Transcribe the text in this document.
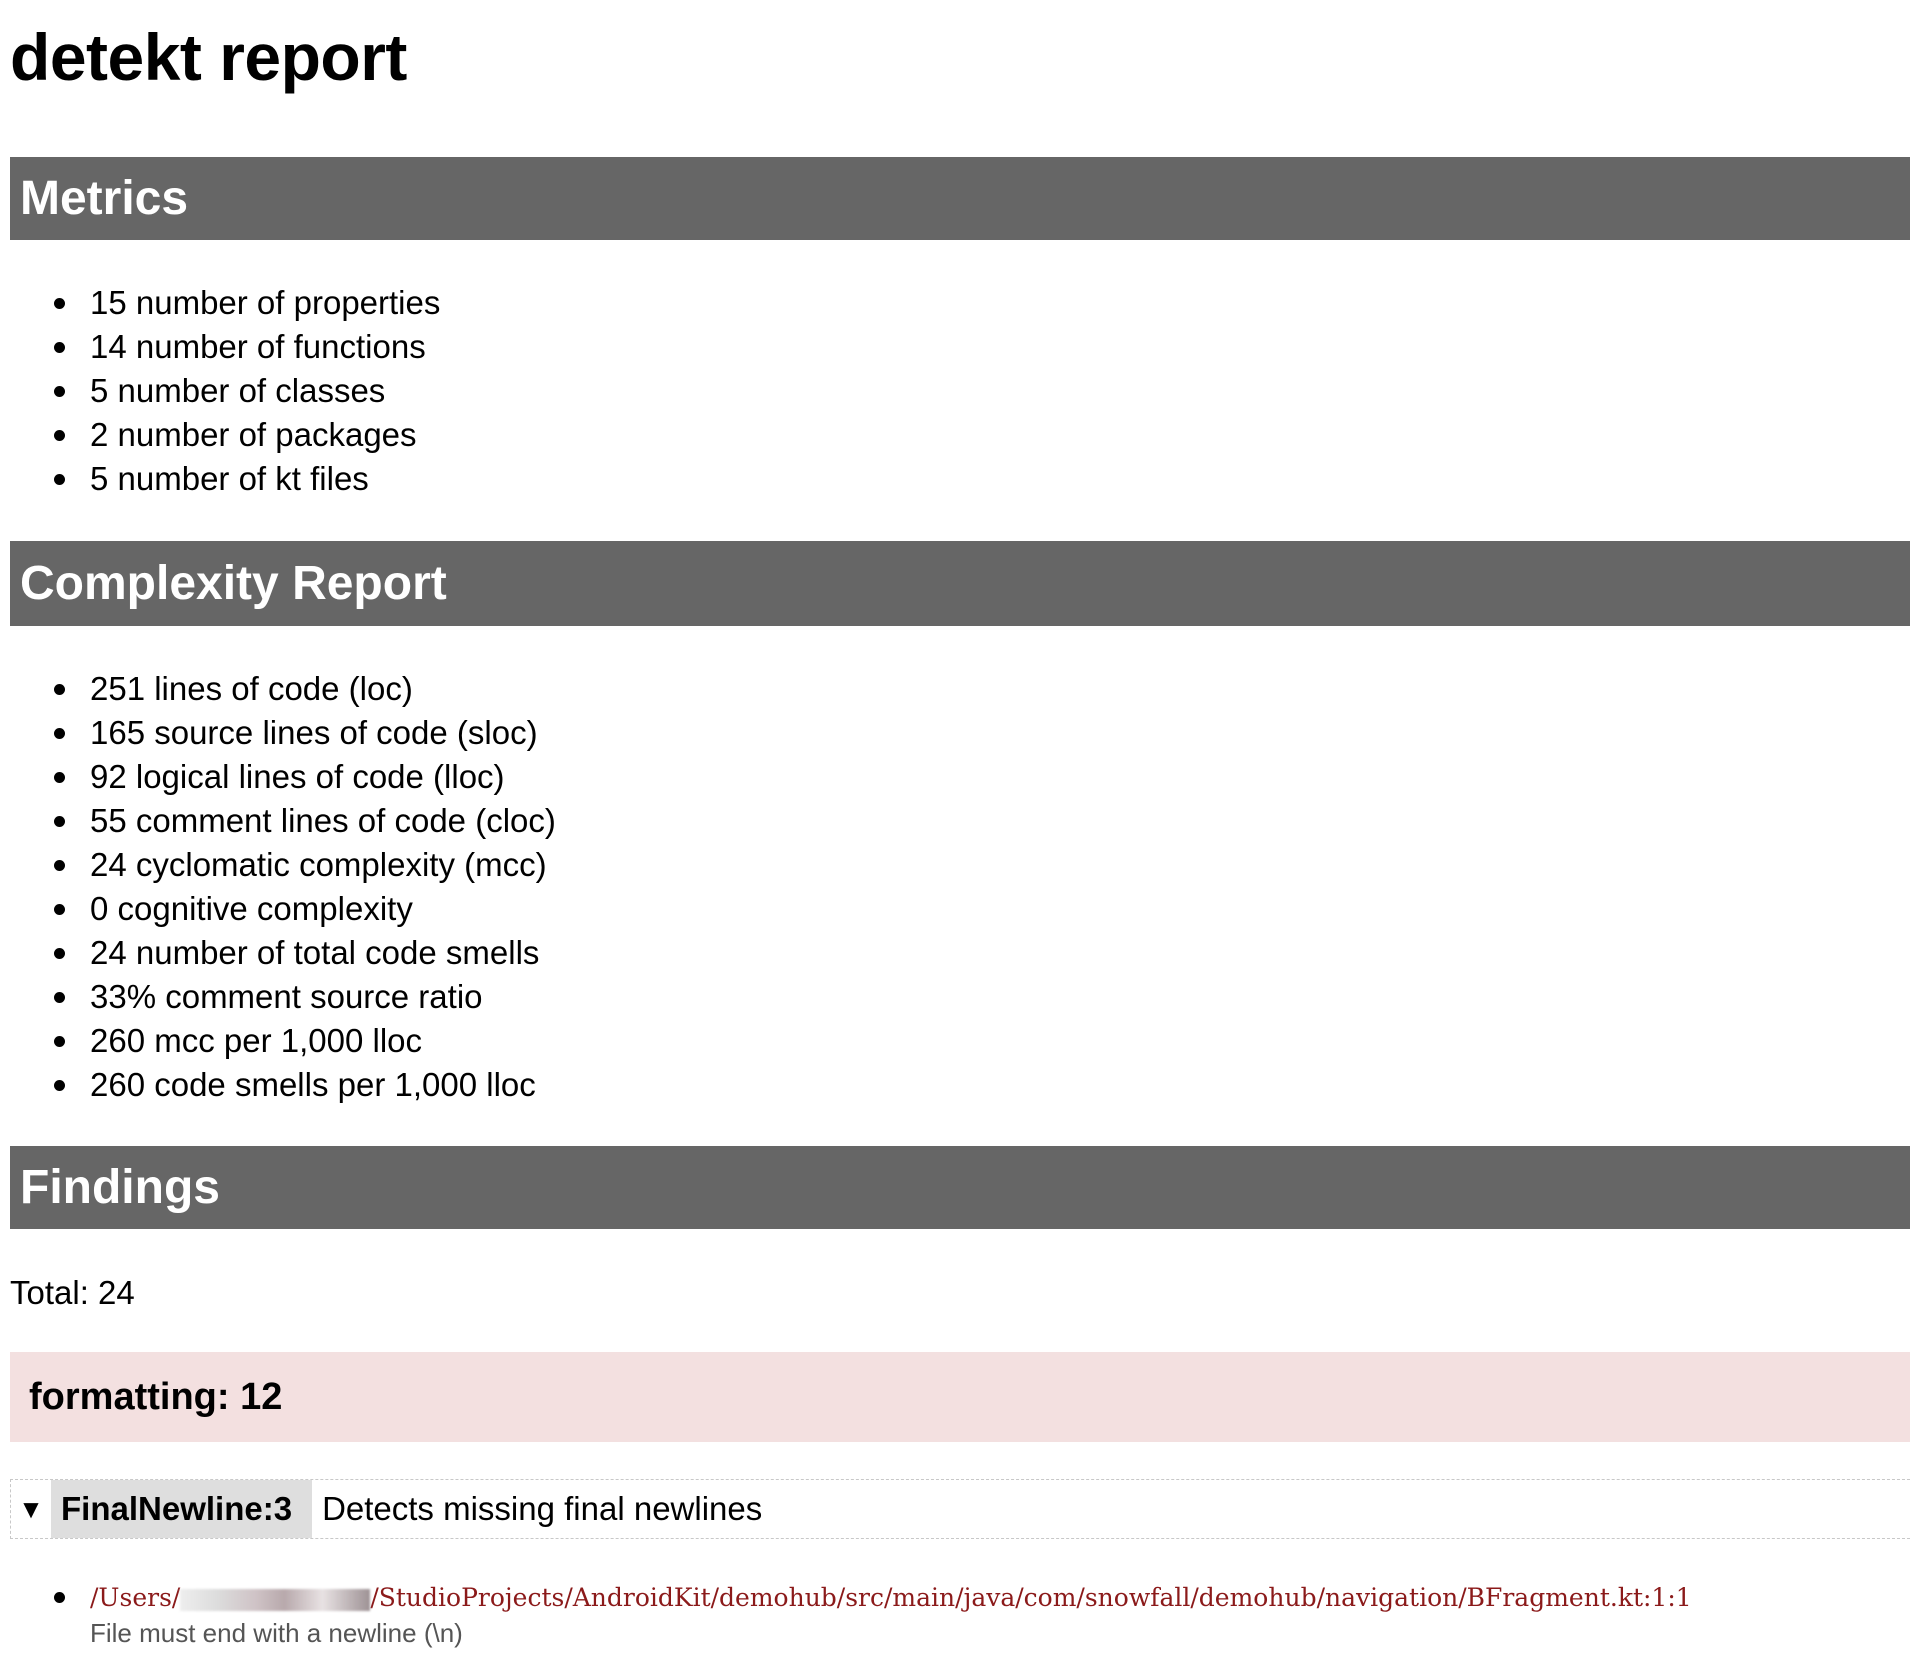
detekt report
Metrics
15 number of properties
14 number of functions
5 number of classes
2 number of packages
5 number of kt files
Complexity Report
251 lines of code (loc)
165 source lines of code (sloc)
92 logical lines of code (lloc)
55 comment lines of code (cloc)
24 cyclomatic complexity (mcc)
0 cognitive complexity
24 number of total code smells
33% comment source ratio
260 mcc per 1,000 lloc
260 code smells per 1,000 lloc
Findings
Total: 24
formatting:
12
▼ FinalNewline: 3 Detects missing final newlines
/Users/	/StudioProjects/AndroidKit/demohub/src/main/java/com/snowfall/demohub/navigation/BFragment.kt:1:1
File must end with a newline (\n)
